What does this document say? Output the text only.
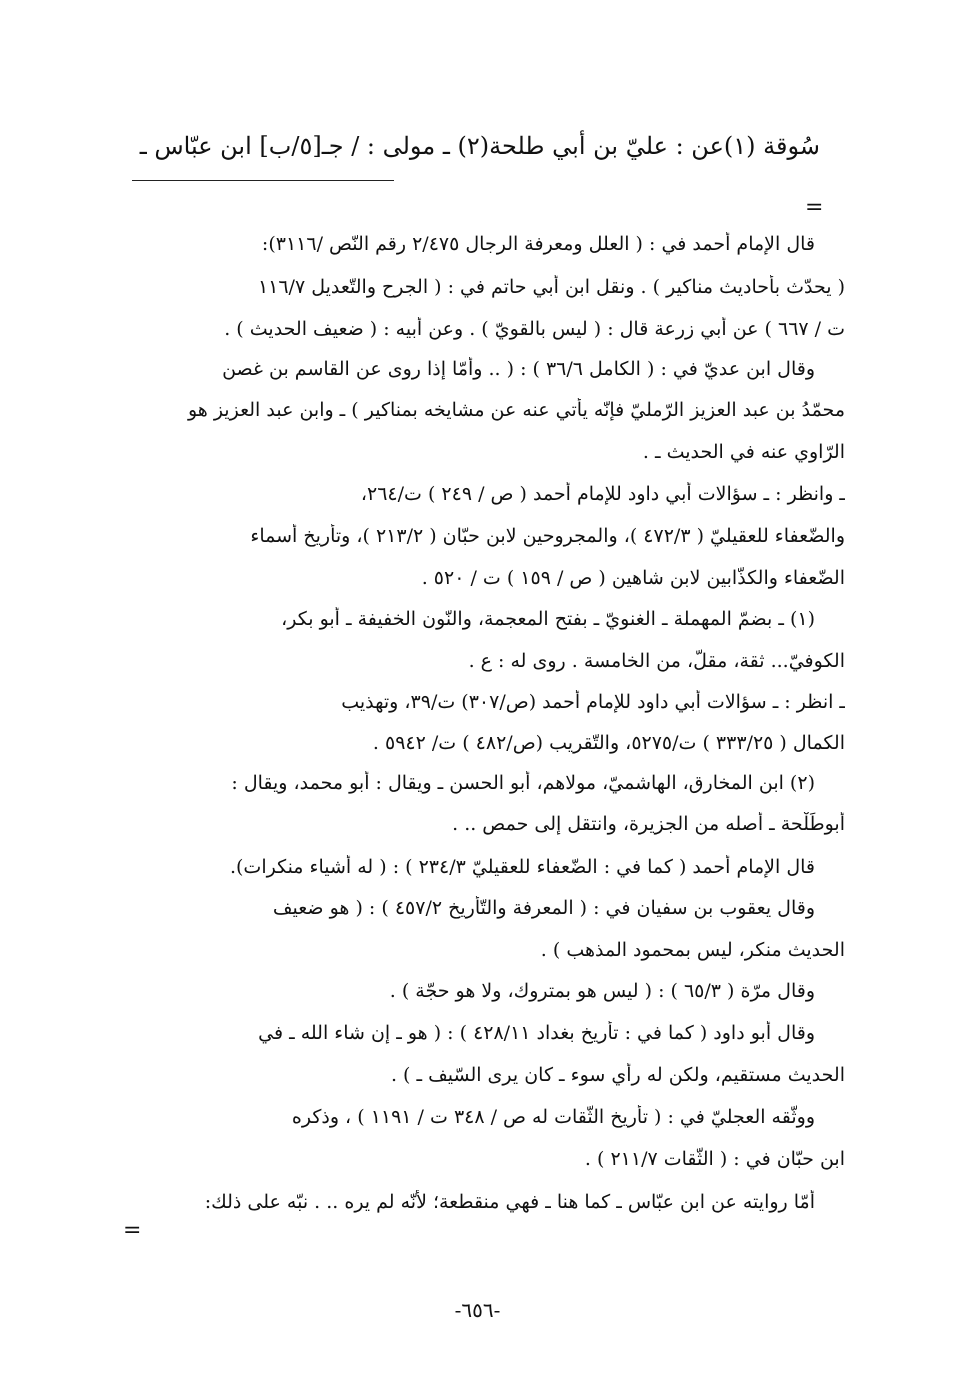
سُوقة (١)عن : عليّ بن أبي طلحة(٢) ـ مولى : / جـ[٥/ب] ابن عبّاس ـ

=

قال الإمام أحمد في : ( العلل ومعرفة الرجال ٢/٤٧٥ رقم النّص /٣١١٦):

( يحدّث بأحاديث مناكير ) . ونقل ابن أبي حاتم في : ( الجرح والتّعديل ١١٦/٧

ت / ٦٦٧ ) عن أبي زرعة قال : ( ليس بالقويّ ) . وعن أبيه : ( ضعيف الحديث ) .

وقال ابن عديّ في : ( الكامل ٣٦/٦ ) : ( .. وأمّا إذا روى عن القاسم بن غصن

محمّدُ بن عبد العزيز الرّمليّ فإنّه يأتي عنه عن مشايخه بمناكير ) ـ وابن عبد العزيز هو

الرّاوي عنه في الحديث ـ .

ـ وانظر : ـ سؤالات أبي داود للإمام أحمد ( ص / ٢٤٩ ) ت/٢٦٤،

والضّعفاء للعقيليّ ( ٤٧٢/٣ )، والمجروحين لابن حبّان ( ٢١٣/٢ )، وتأريخ أسماء

الضّعفاء والكذّابين لابن شاهين ( ص / ١٥٩ ) ت / ٥٢٠ .

(١) ـ بضمّ المهملة ـ الغنويّ ـ بفتح المعجمة، والنّون الخفيفة ـ أبو بكر،

الكوفيّ... ثقة، مقلّ، من الخامسة . روى له : ع .

ـ انظر : ـ سؤالات أبي داود للإمام أحمد (ص/٣٠٧) ت/٣٩، وتهذيب

الكمال ( ٣٣٣/٢٥ ) ت/٥٢٧٥، والتّقريب (ص/٤٨٢ ) ت/ ٥٩٤٢ .

(٢) ابن المخارق، الهاشميّ، مولاهم، أبو الحسن ـ ويقال : أبو محمد، ويقال :

أبوطَلْحة ـ أصله من الجزيرة، وانتقل إلى حمص .. .

قال الإمام أحمد ( كما في : الضّعفاء للعقيليّ ٢٣٤/٣ ) : ( له أشياء منكرات).

وقال يعقوب بن سفيان في : ( المعرفة والتّأريخ ٤٥٧/٢ ) : ( هو ضعيف

الحديث منكر، ليس بمحمود المذهب ) .

وقال مرّة ( ٦٥/٣ ) : ( ليس هو بمتروك، ولا هو حجّة ) .

وقال أبو داود ( كما في : تأريخ بغداد ٤٢٨/١١ ) : ( هو ـ إن شاء الله ـ في

الحديث مستقيم، ولكن له رأي سوء ـ كان يرى السّيف ـ ) .

ووثّقه العجليّ في : ( تأريخ الثّقات له ص / ٣٤٨ ت / ١١٩١ ) ، وذكره

ابن حبّان في : ( الثّقات ٢١١/٧ ) .

أمّا روايته عن ابن عبّاس ـ كما هنا ـ فهي منقطعة؛ لأنّه لم يره .. . نبّه على ذلك:

=
-٦٥٦-
